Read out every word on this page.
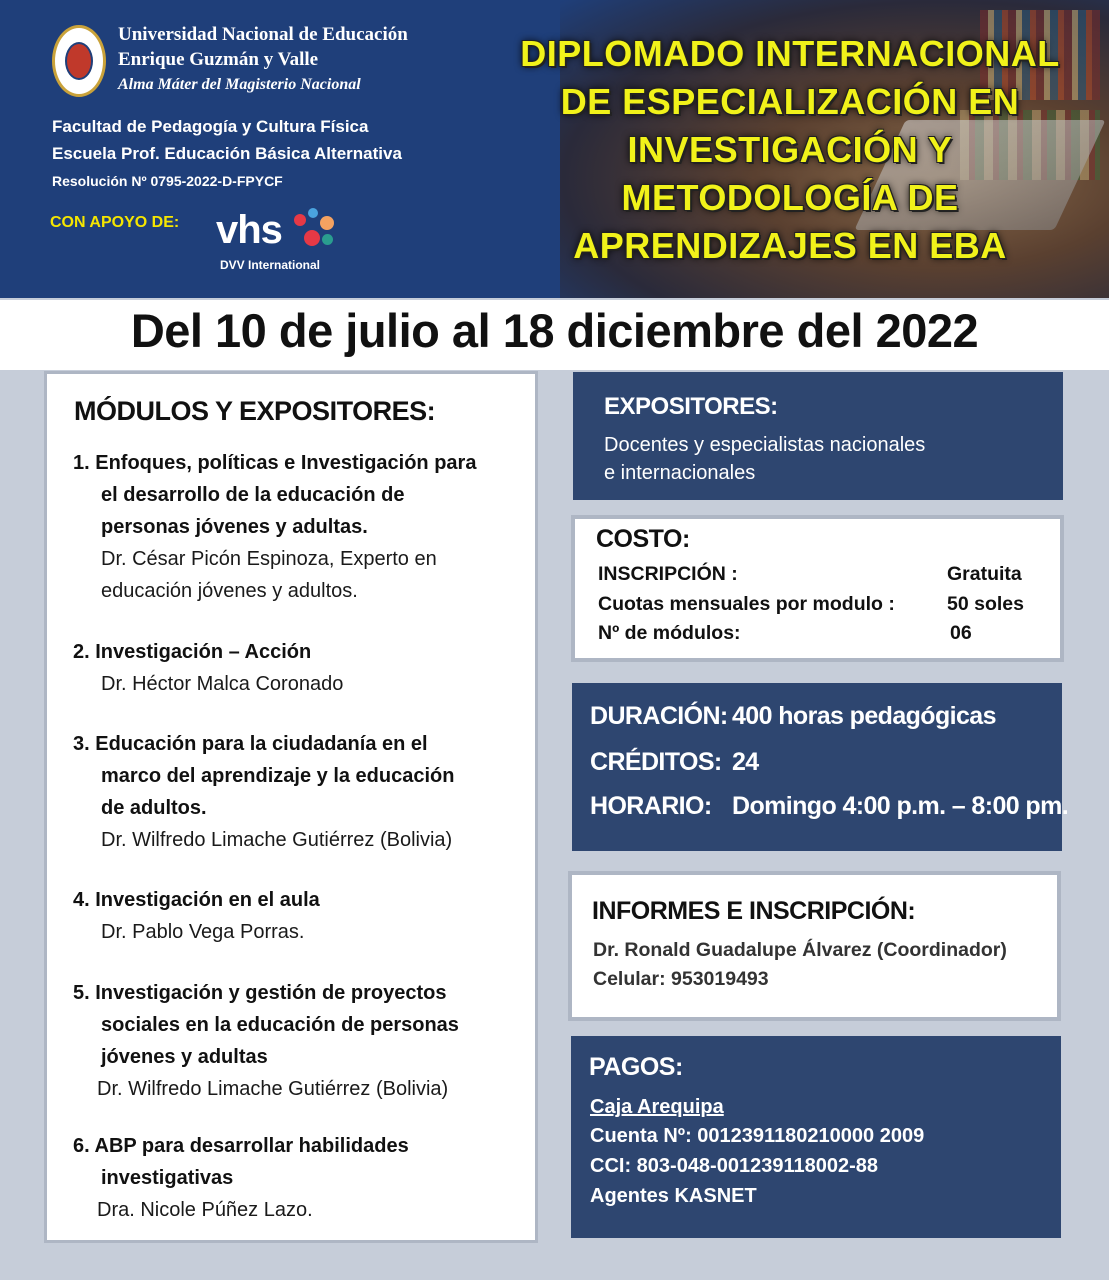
Universidad Nacional de Educación
Enrique Guzmán y Valle
Alma Máter del Magisterio Nacional
Facultad de Pedagogía y Cultura Física
Escuela Prof. Educación Básica Alternativa
Resolución Nº 0795-2022-D-FPYCF
CON APOYO DE: vhs
DVV International
DIPLOMADO INTERNACIONAL
DE ESPECIALIZACIÓN EN
INVESTIGACIÓN Y
METODOLOGÍA DE
APRENDIZAJES EN EBA
Del 10 de julio al 18 diciembre del 2022
MÓDULOS Y EXPOSITORES:
1. Enfoques, políticas e Investigación para
el desarrollo de la educación de
personas jóvenes y adultas.
Dr. César Picón Espinoza, Experto en
educación jóvenes y adultos.
2. Investigación – Acción
Dr. Héctor Malca Coronado
3. Educación para la ciudadanía en el
marco del aprendizaje y la educación
de adultos.
Dr. Wilfredo Limache Gutiérrez (Bolivia)
4. Investigación en el aula
Dr. Pablo Vega Porras.
5. Investigación y gestión de proyectos
sociales en la educación de personas
jóvenes y adultas
Dr. Wilfredo Limache Gutiérrez (Bolivia)
6. ABP para desarrollar habilidades
investigativas
Dra. Nicole Púñez Lazo.
EXPOSITORES:
Docentes y especialistas nacionales
e internacionales
COSTO:
INSCRIPCIÓN :	Gratuita
Cuotas mensuales por modulo :	50 soles
Nº de módulos:	06
DURACIÓN: 400 horas pedagógicas
CRÉDITOS: 24
HORARIO: Domingo 4:00 p.m. – 8:00 pm.
INFORMES E INSCRIPCIÓN:
Dr. Ronald Guadalupe Álvarez (Coordinador)
Celular: 953019493
PAGOS:
Caja Arequipa
Cuenta Nº: 0012391180210000 2009
CCI: 803-048-001239118002-88
Agentes KASNET
